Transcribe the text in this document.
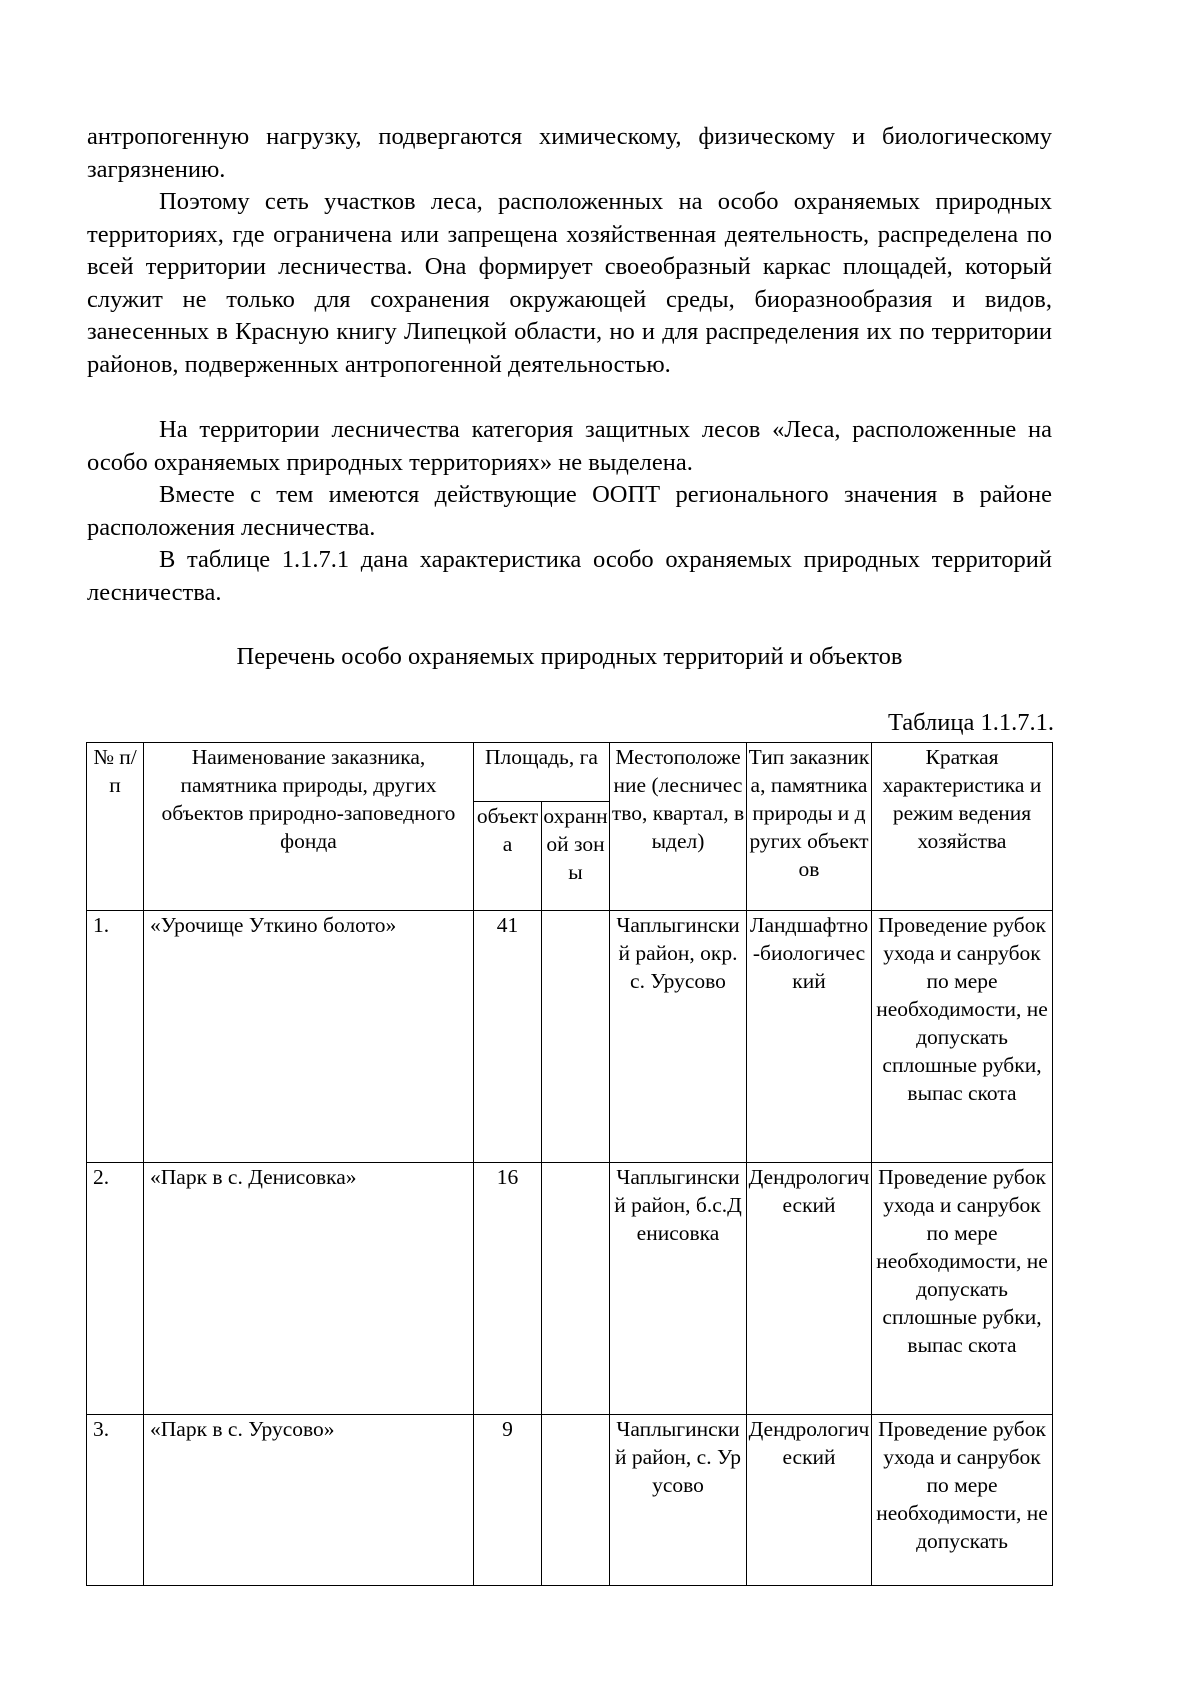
антропогенную нагрузку, подвергаются химическому, физическому и биологическому загрязнению.

Поэтому сеть участков леса, расположенных на особо охраняемых природных территориях, где ограничена или запрещена хозяйственная деятельность, распределена по всей территории лесничества. Она формирует своеобразный каркас площадей, который служит не только для сохранения окружающей среды, биоразнообразия и видов, занесенных в Красную книгу Липецкой области, но и для распределения их по территории районов, подверженных антропогенной деятельностью.

На территории лесничества категория защитных лесов «Леса, расположенные на особо охраняемых природных территориях» не выделена.

Вместе с тем имеются действующие ООПТ регионального значения в районе расположения лесничества.

В таблице 1.1.7.1 дана характеристика особо охраняемых природных территорий лесничества.

Перечень особо охраняемых природных территорий и объектов

Таблица 1.1.7.1.

№ п/п	Наименование заказника, памятника природы, других объектов природно-заповедного фонда	Площадь, га		Местоположение (лесничество, квартал, выдел)	Тип заказника, памятника природы и других объектов	Краткая характеристика и режим ведения хозяйства

		объекта	охранной зоны			

1.	«Урочище Уткино болото»	41		Чаплыгинский район, окр. с. Урусово	Ландшафтно-биологический	Проведение рубок ухода и санрубок по мере необходимости, не допускать сплошные рубки, выпас скота
2.	«Парк в с. Денисовка»	16		Чаплыгинский район, б.с.Денисовка	Дендрологический	Проведение рубок ухода и санрубок по мере необходимости, не допускать сплошные рубки, выпас скота
3.	«Парк в с. Урусово»	9		Чаплыгинский район, с. Урусово	Дендрологический	Проведение рубок ухода и санрубок по мере необходимости, не допускать
